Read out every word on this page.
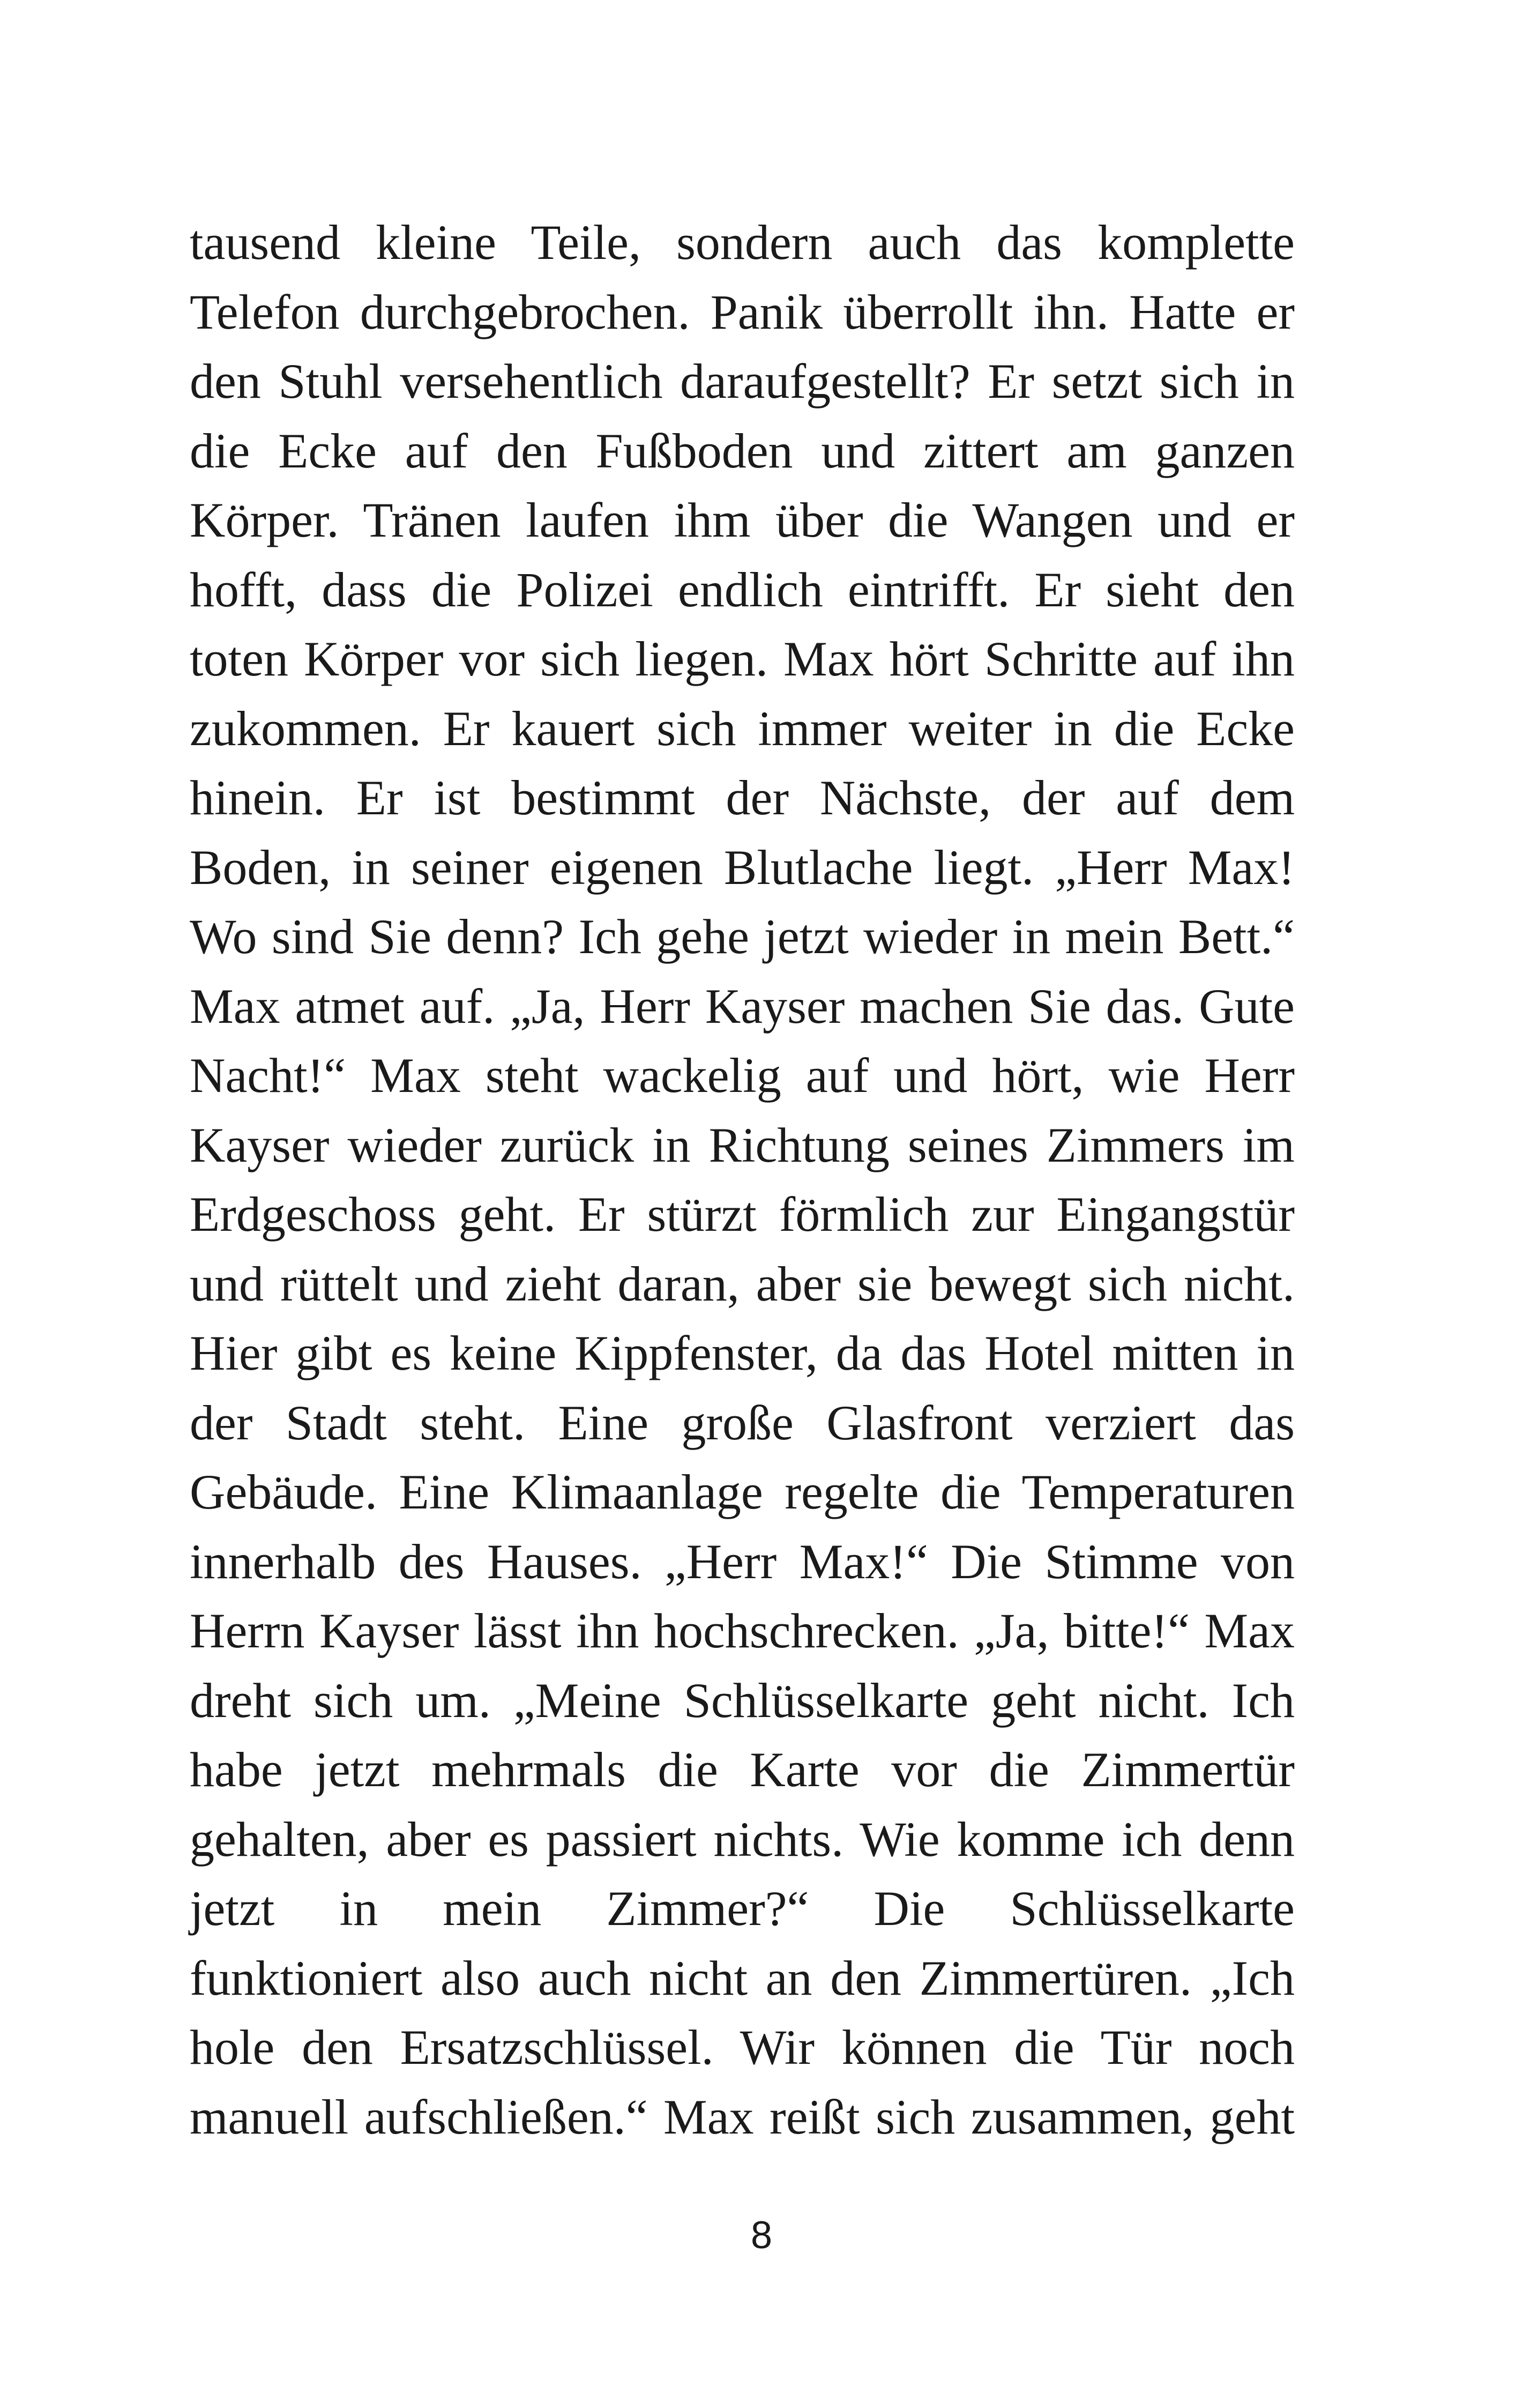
tausend kleine Teile, sondern auch das komplette
Telefon durchgebrochen. Panik überrollt ihn. Hatte er
den Stuhl versehentlich daraufgestellt? Er setzt sich in
die Ecke auf den Fußboden und zittert am ganzen
Körper. Tränen laufen ihm über die Wangen und er
hofft, dass die Polizei endlich eintrifft. Er sieht den
toten Körper vor sich liegen. Max hört Schritte auf ihn
zukommen. Er kauert sich immer weiter in die Ecke
hinein. Er ist bestimmt der Nächste, der auf dem
Boden, in seiner eigenen Blutlache liegt. „Herr Max!
Wo sind Sie denn? Ich gehe jetzt wieder in mein Bett.“
Max atmet auf. „Ja, Herr Kayser machen Sie das. Gute
Nacht!“ Max steht wackelig auf und hört, wie Herr
Kayser wieder zurück in Richtung seines Zimmers im
Erdgeschoss geht. Er stürzt förmlich zur Eingangstür
und rüttelt und zieht daran, aber sie bewegt sich nicht.
Hier gibt es keine Kippfenster, da das Hotel mitten in
der Stadt steht. Eine große Glasfront verziert das
Gebäude. Eine Klimaanlage regelte die Temperaturen
innerhalb des Hauses. „Herr Max!“ Die Stimme von
Herrn Kayser lässt ihn hochschrecken. „Ja, bitte!“ Max
dreht sich um. „Meine Schlüsselkarte geht nicht. Ich
habe jetzt mehrmals die Karte vor die Zimmertür
gehalten, aber es passiert nichts. Wie komme ich denn
jetzt in mein Zimmer?“ Die Schlüsselkarte
funktioniert also auch nicht an den Zimmertüren. „Ich
hole den Ersatzschlüssel. Wir können die Tür noch
manuell aufschließen.“ Max reißt sich zusammen, geht
8
